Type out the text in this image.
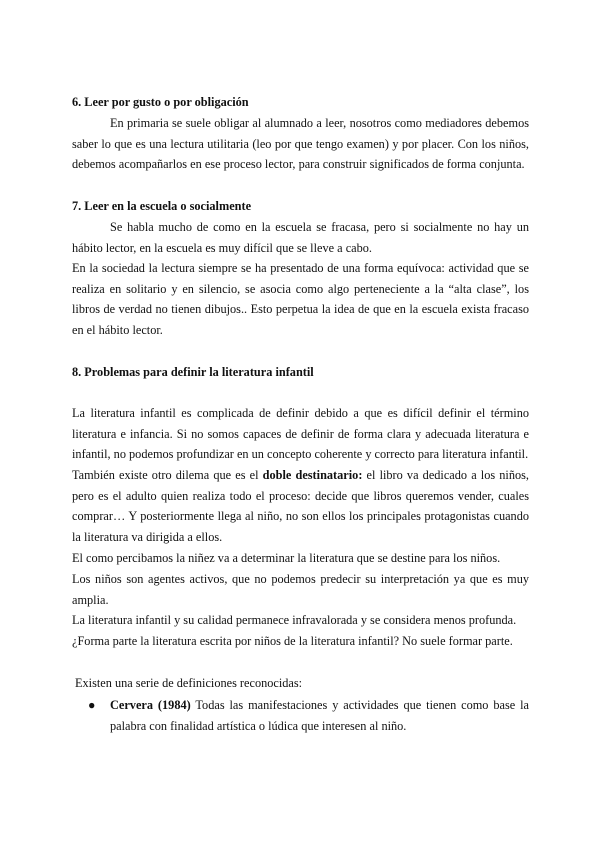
6. Leer por gusto o por obligación

En primaria se suele obligar al alumnado a leer, nosotros como mediadores debemos saber lo que es una lectura utilitaria (leo por que tengo examen) y por placer. Con los niños, debemos acompañarlos en ese proceso lector, para construir significados de forma conjunta.

7. Leer en la escuela o socialmente

Se habla mucho de como en la escuela se fracasa, pero si socialmente no hay un hábito lector, en la escuela es muy difícil que se lleve a cabo.

En la sociedad la lectura siempre se ha presentado de una forma equívoca: actividad que se realiza en solitario y en silencio, se asocia como algo perteneciente a la “alta clase”, los libros de verdad no tienen dibujos.. Esto perpetua la idea de que en la escuela exista fracaso en el hábito lector.

8. Problemas para definir la literatura infantil

La literatura infantil es complicada de definir debido a que es difícil definir el término literatura e infancia. Si no somos capaces de definir de forma clara y adecuada literatura e infantil, no podemos profundizar en un concepto coherente y correcto para literatura infantil.

También existe otro dilema que es el doble destinatario: el libro va dedicado a los niños, pero es el adulto quien realiza todo el proceso: decide que libros queremos vender, cuales comprar… Y posteriormente llega al niño, no son ellos los principales protagonistas cuando la literatura va dirigida a ellos.

El como percibamos la niñez va a determinar la literatura que se destine para los niños.

Los niños son agentes activos, que no podemos predecir su interpretación ya que es muy amplia.

La literatura infantil y su calidad permanece infravalorada y se considera menos profunda.

¿Forma parte la literatura escrita por niños de la literatura infantil? No suele formar parte.

Existen una serie de definiciones reconocidas:

● Cervera (1984) Todas las manifestaciones y actividades que tienen como base la palabra con finalidad artística o lúdica que interesen al niño.
